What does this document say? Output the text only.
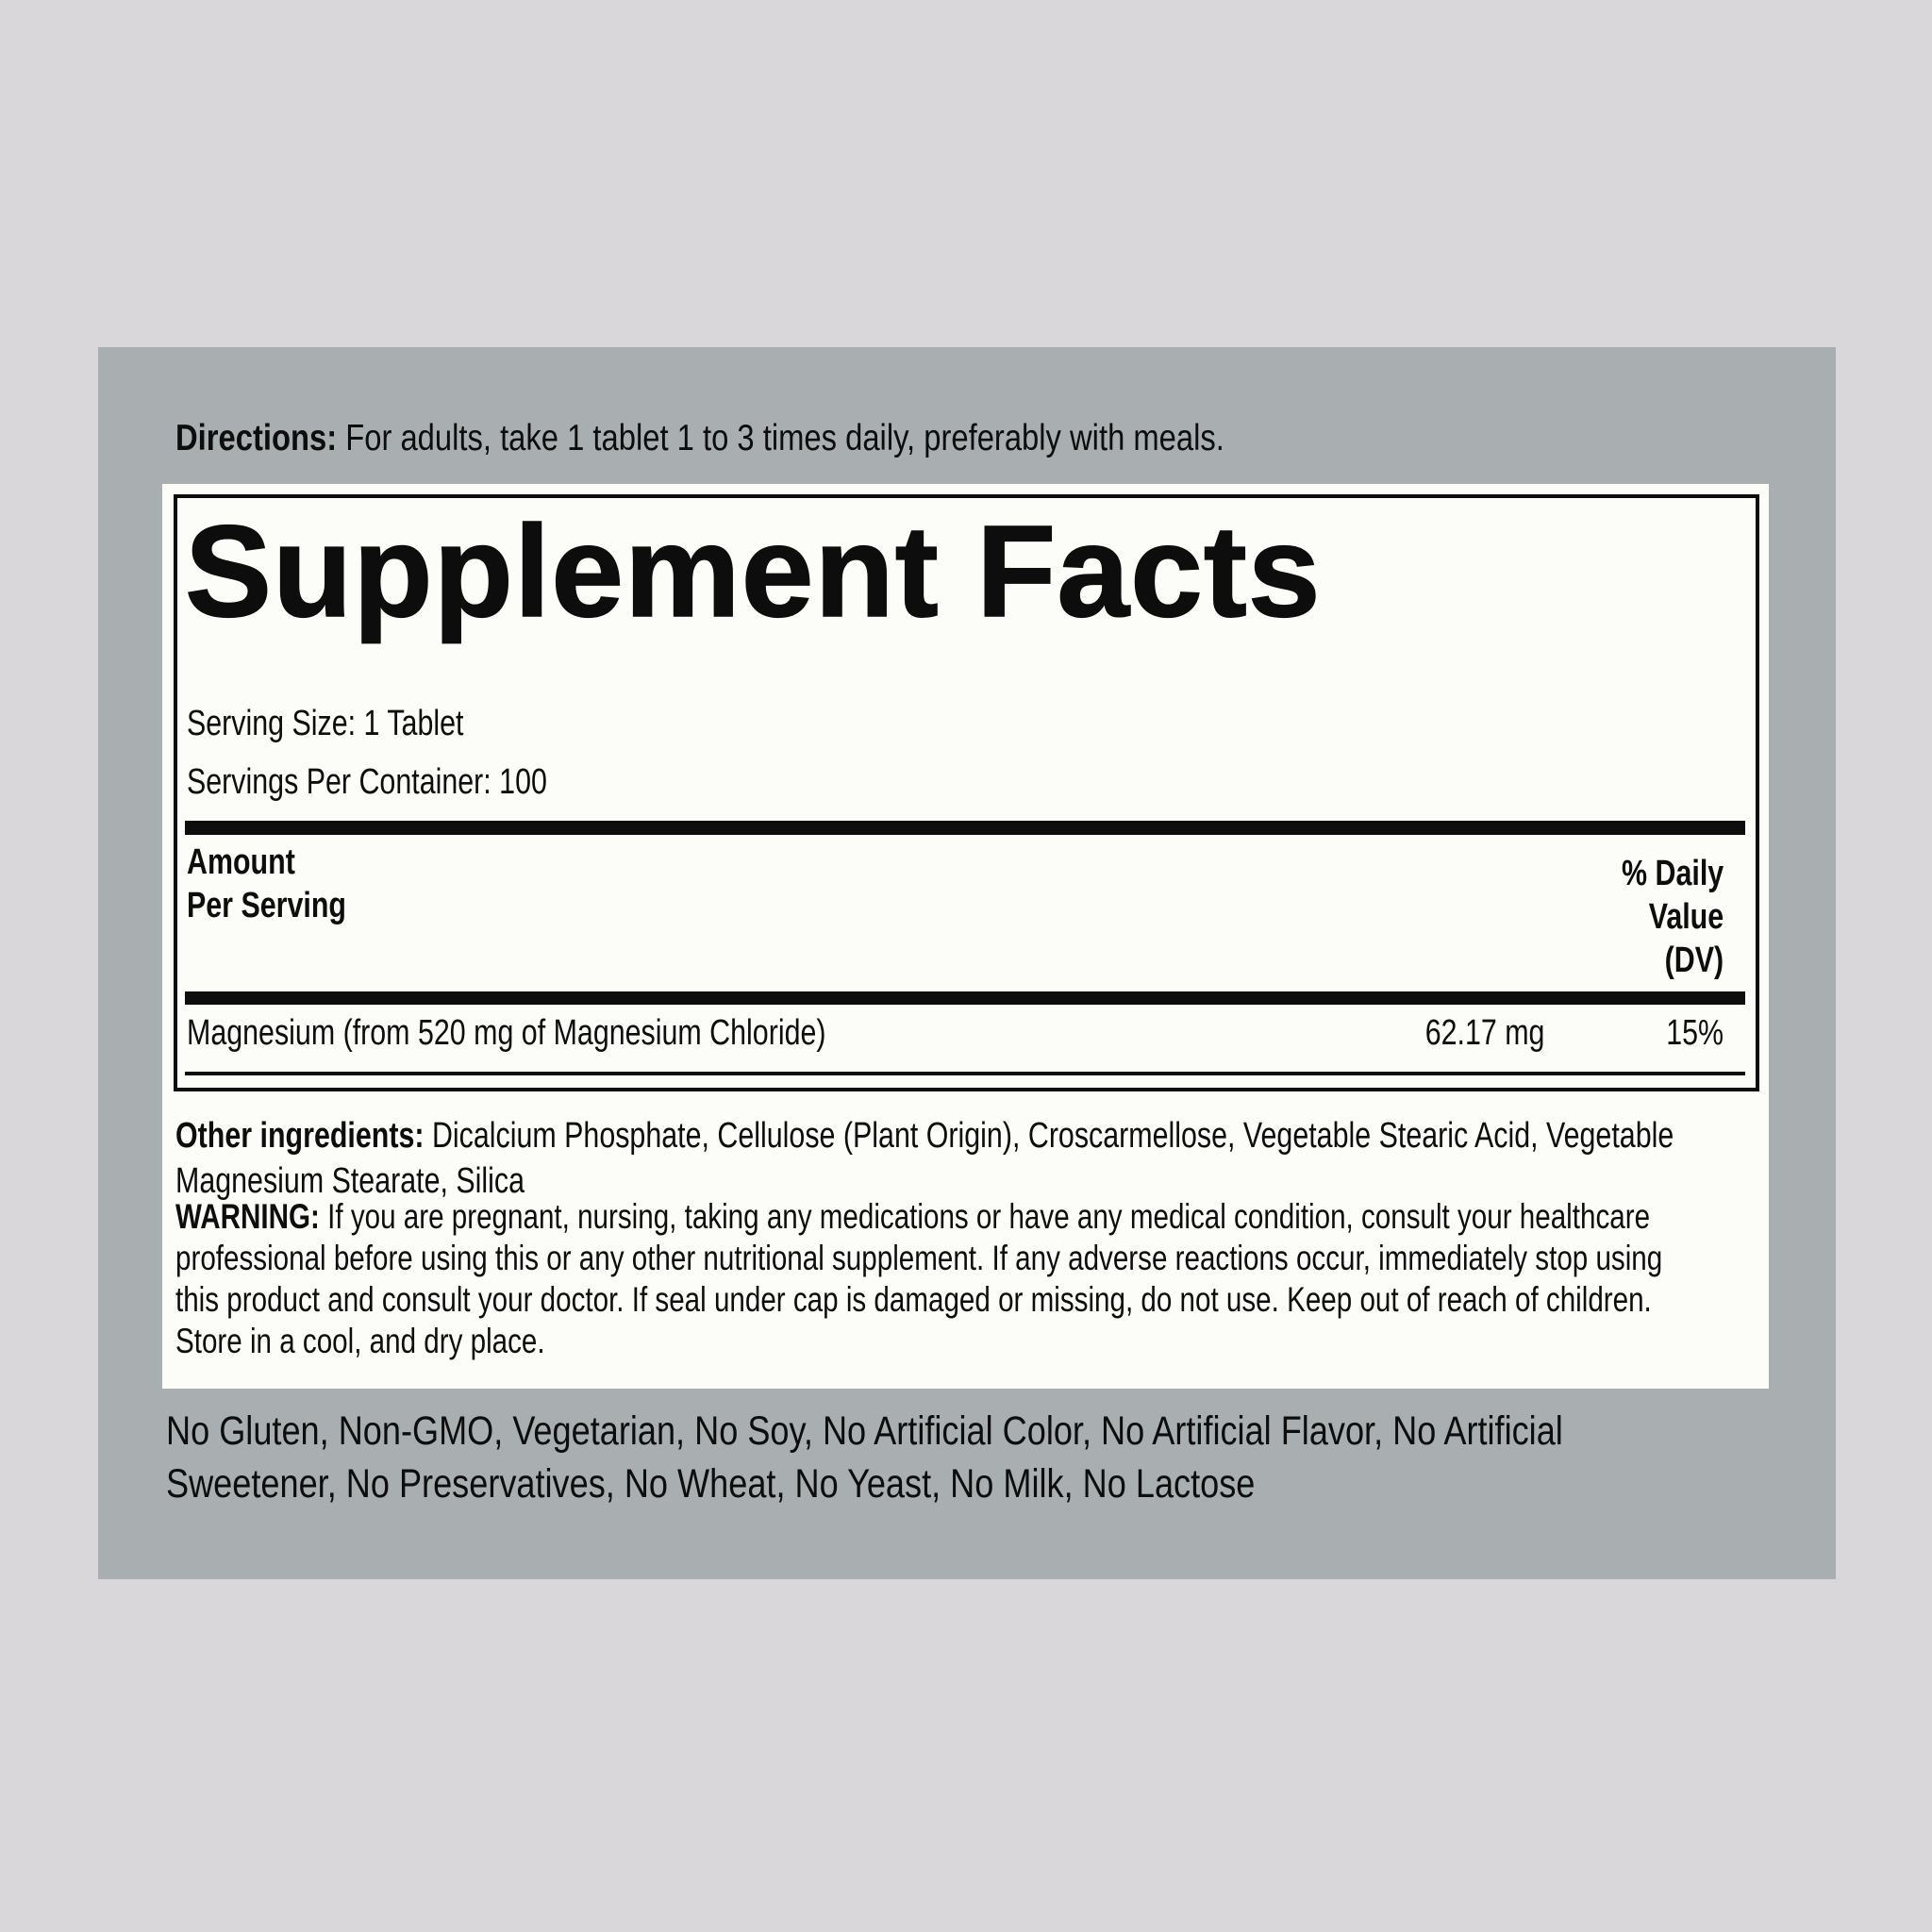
Directions: For adults, take 1 tablet 1 to 3 times daily, preferably with meals.
Supplement Facts
Serving Size: 1 Tablet
Servings Per Container: 100
Amount
Per Serving
% Daily
Value
(DV)
Magnesium (from 520 mg of Magnesium Chloride)	62.17 mg	15%
Other ingredients: Dicalcium Phosphate, Cellulose (Plant Origin), Croscarmellose, Vegetable Stearic Acid, Vegetable
Magnesium Stearate, Silica
WARNING: If you are pregnant, nursing, taking any medications or have any medical condition, consult your healthcare
professional before using this or any other nutritional supplement. If any adverse reactions occur, immediately stop using
this product and consult your doctor. If seal under cap is damaged or missing, do not use. Keep out of reach of children.
Store in a cool, and dry place.
No Gluten, Non-GMO, Vegetarian, No Soy, No Artificial Color, No Artificial Flavor, No Artificial
Sweetener, No Preservatives, No Wheat, No Yeast, No Milk, No Lactose
